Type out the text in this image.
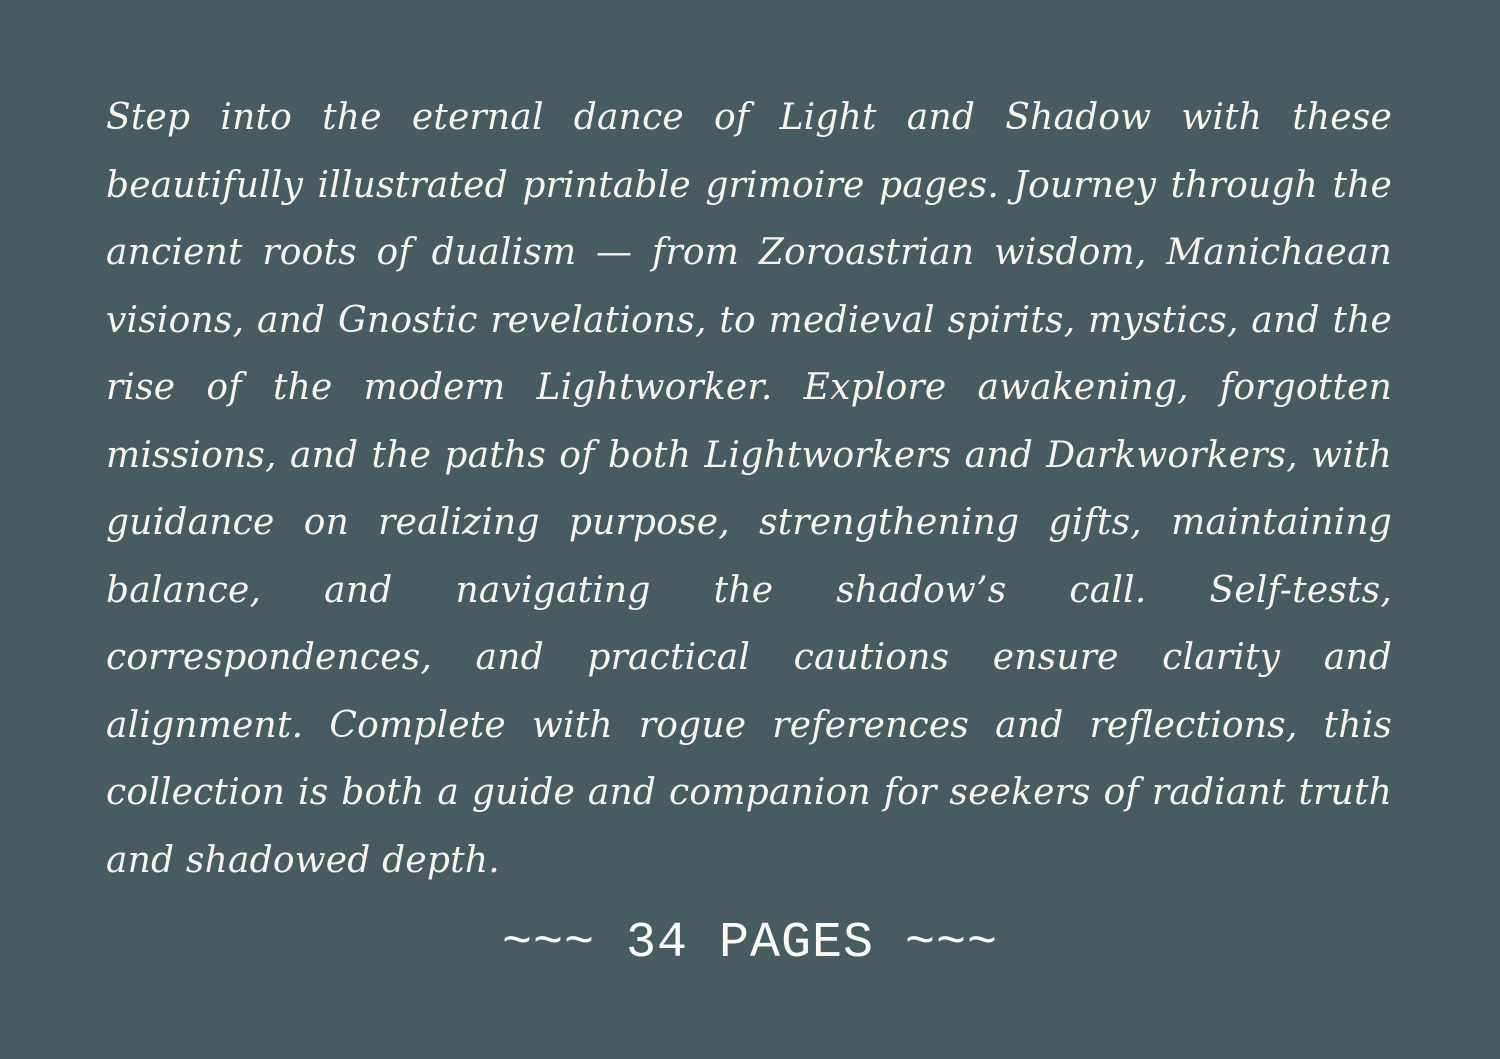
Step into the eternal dance of Light and Shadow with these beautifully illustrated printable grimoire pages. Journey through the ancient roots of dualism — from Zoroastrian wisdom, Manichaean visions, and Gnostic revelations, to medieval spirits, mystics, and the rise of the modern Lightworker. Explore awakening, forgotten missions, and the paths of both Lightworkers and Darkworkers, with guidance on realizing purpose, strengthening gifts, maintaining balance, and navigating the shadow’s call. Self-tests, correspondences, and practical cautions ensure clarity and alignment. Complete with rogue references and reflections, this collection is both a guide and companion for seekers of radiant truth and shadowed depth.

~~~ 34 PAGES ~~~
